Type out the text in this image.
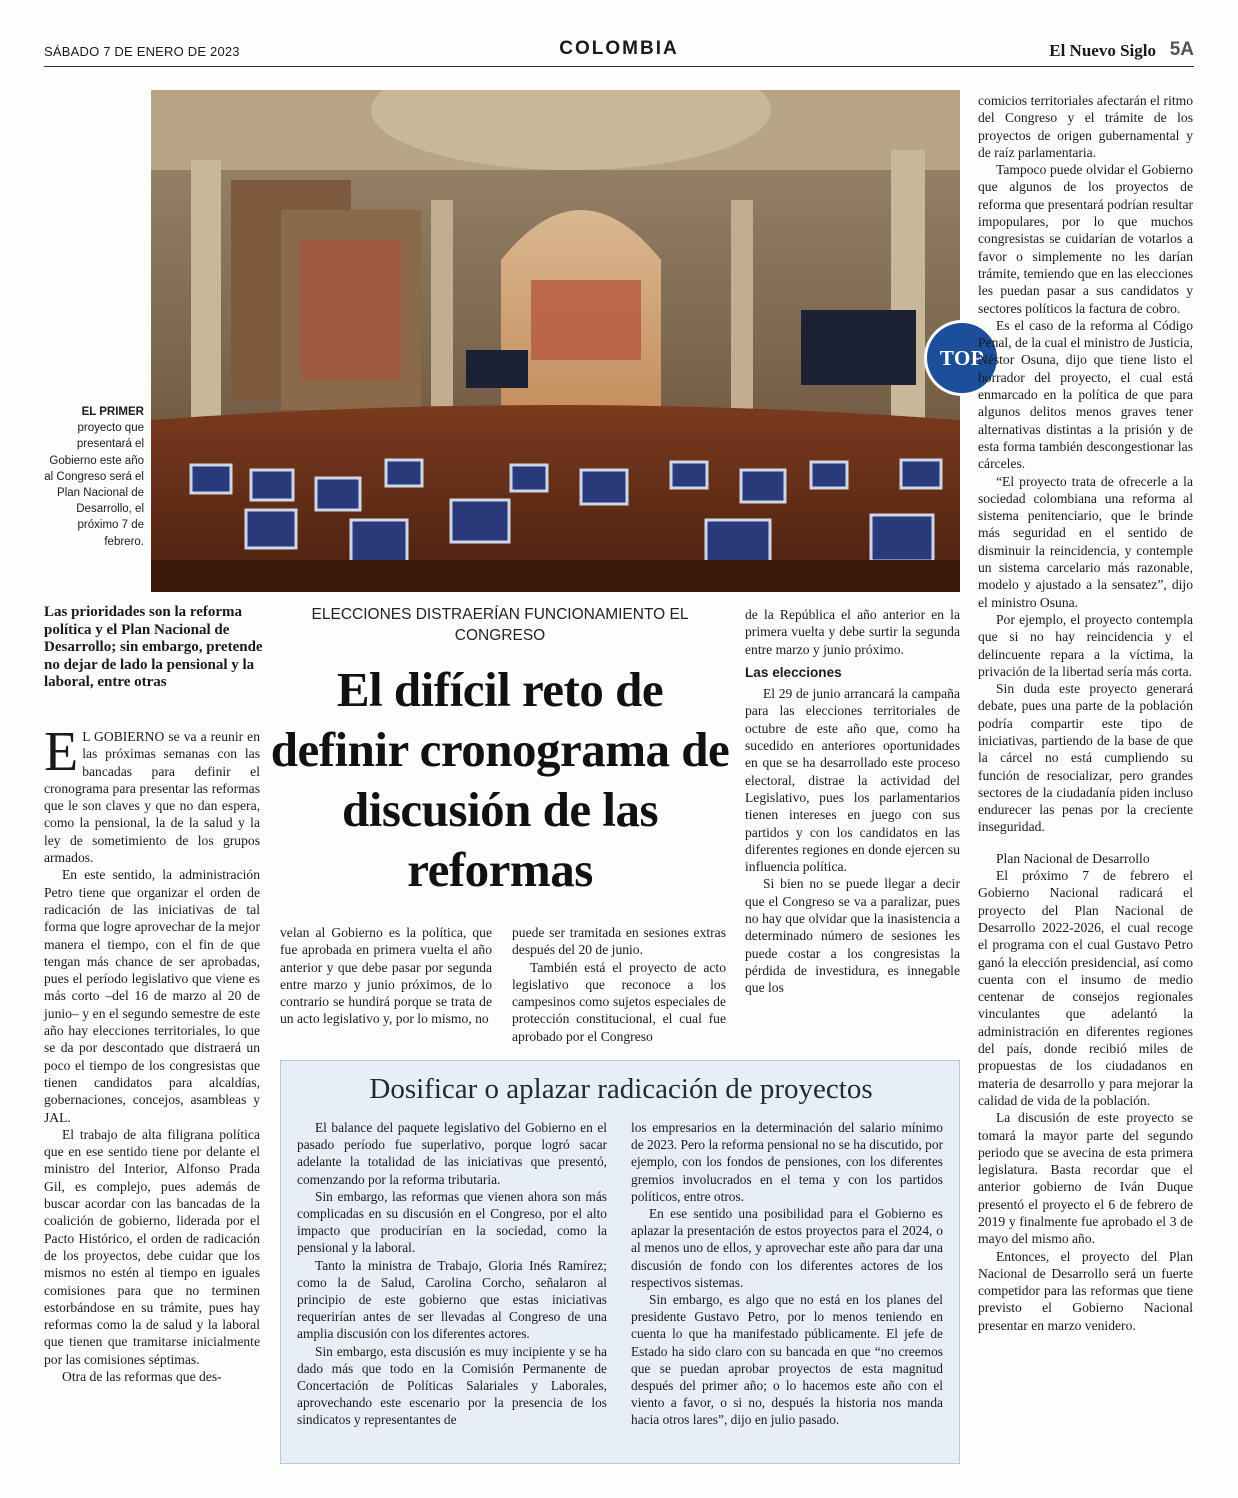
SÁBADO 7 DE ENERO DE 2023	COLOMBIA	El Nuevo Siglo 5A
EL PRIMER
proyecto que presentará el Gobierno este año al Congreso será el Plan Nacional de Desarrollo, el próximo 7 de febrero.
TOP
Las prioridades son la reforma política y el Plan Nacional de Desarrollo; sin embargo, pretende no dejar de lado la pensional y la laboral, entre otras
ELECCIONES DISTRAERÍAN FUNCIONAMIENTO EL CONGRESO
El difícil reto de definir cronograma de discusión de las reformas

E L GOBIERNO se va a reunir en las próximas semanas con las bancadas para definir el cronograma para presentar las reformas que le son claves y que no dan espera, como la pensional, la de la salud y la ley de sometimiento de los grupos armados.

En este sentido, la administración Petro tiene que organizar el orden de radicación de las iniciativas de tal forma que logre aprovechar de la mejor manera el tiempo, con el fin de que tengan más chance de ser aprobadas, pues el período legislativo que viene es más corto –del 16 de marzo al 20 de junio– y en el segundo semestre de este año hay elecciones territoriales, lo que se da por descontado que distraerá un poco el tiempo de los congresistas que tienen candidatos para alcaldías, gobernaciones, concejos, asambleas y JAL.

El trabajo de alta filigrana política que en ese sentido tiene por delante el ministro del Interior, Alfonso Prada Gil, es complejo, pues además de buscar acordar con las bancadas de la coalición de gobierno, liderada por el Pacto Histórico, el orden de radicación de los proyectos, debe cuidar que los mismos no estén al tiempo en iguales comisiones para que no terminen estorbándose en su trámite, pues hay reformas como la de salud y la laboral que tienen que tramitarse inicialmente por las comisiones séptimas.

Otra de las reformas que des-

velan al Gobierno es la política, que fue aprobada en primera vuelta el año anterior y que debe pasar por segunda entre marzo y junio próximos, de lo contrario se hundirá porque se trata de un acto legislativo y, por lo mismo, no

puede ser tramitada en sesiones extras después del 20 de junio.

También está el proyecto de acto legislativo que reconoce a los campesinos como sujetos especiales de protección constitucional, el cual fue aprobado por el Congreso

de la República el año anterior en la primera vuelta y debe surtir la segunda entre marzo y junio próximo.

Las elecciones

El 29 de junio arrancará la campaña para las elecciones territoriales de octubre de este año que, como ha sucedido en anteriores oportunidades en que se ha desarrollado este proceso electoral, distrae la actividad del Legislativo, pues los parlamentarios tienen intereses en juego con sus partidos y con los candidatos en las diferentes regiones en donde ejercen su influencia política.

Si bien no se puede llegar a decir que el Congreso se va a paralizar, pues no hay que olvidar que la inasistencia a determinado número de sesiones les puede costar a los congresistas la pérdida de investidura, es innegable que los

comicios territoriales afectarán el ritmo del Congreso y el trámite de los proyectos de origen gubernamental y de raíz parlamentaria.

Tampoco puede olvidar el Gobierno que algunos de los proyectos de reforma que presentará podrían resultar impopulares, por lo que muchos congresistas se cuidarían de votarlos a favor o simplemente no les darían trámite, temiendo que en las elecciones les puedan pasar a sus candidatos y sectores políticos la factura de cobro.

Es el caso de la reforma al Código Penal, de la cual el ministro de Justicia, Néstor Osuna, dijo que tiene listo el borrador del proyecto, el cual está enmarcado en la política de que para algunos delitos menos graves tener alternativas distintas a la prisión y de esta forma también descongestionar las cárceles.

“El proyecto trata de ofrecerle a la sociedad colombiana una reforma al sistema penitenciario, que le brinde más seguridad en el sentido de disminuir la reincidencia, y contemple un sistema carcelario más razonable, modelo y ajustado a la sensatez”, dijo el ministro Osuna.

Por ejemplo, el proyecto contempla que si no hay reincidencia y el delincuente repara a la víctima, la privación de la libertad sería más corta.

Sin duda este proyecto generará debate, pues una parte de la población podría compartir este tipo de iniciativas, partiendo de la base de que la cárcel no está cumpliendo su función de resocializar, pero grandes sectores de la ciudadanía piden incluso endurecer las penas por la creciente inseguridad.

Plan Nacional de Desarrollo

El próximo 7 de febrero el Gobierno Nacional radicará el proyecto del Plan Nacional de Desarrollo 2022-2026, el cual recoge el programa con el cual Gustavo Petro ganó la elección presidencial, así como cuenta con el insumo de medio centenar de consejos regionales vinculantes que adelantó la administración en diferentes regiones del país, donde recibió miles de propuestas de los ciudadanos en materia de desarrollo y para mejorar la calidad de vida de la población.

La discusión de este proyecto se tomará la mayor parte del segundo periodo que se avecina de esta primera legislatura. Basta recordar que el anterior gobierno de Iván Duque presentó el proyecto el 6 de febrero de 2019 y finalmente fue aprobado el 3 de mayo del mismo año.

Entonces, el proyecto del Plan Nacional de Desarrollo será un fuerte competidor para las reformas que tiene previsto el Gobierno Nacional presentar en marzo venidero.

Dosificar o aplazar radicación de proyectos

El balance del paquete legislativo del Gobierno en el pasado período fue superlativo, porque logró sacar adelante la totalidad de las iniciativas que presentó, comenzando por la reforma tributaria.

Sin embargo, las reformas que vienen ahora son más complicadas en su discusión en el Congreso, por el alto impacto que producirían en la sociedad, como la pensional y la laboral.

Tanto la ministra de Trabajo, Gloria Inés Ramírez; como la de Salud, Carolina Corcho, señalaron al principio de este gobierno que estas iniciativas requerirían antes de ser llevadas al Congreso de una amplia discusión con los diferentes actores.

Sin embargo, esta discusión es muy incipiente y se ha dado más que todo en la Comisión Permanente de Concertación de Políticas Salariales y Laborales, aprovechando este escenario por la presencia de los sindicatos y representantes de

los empresarios en la determinación del salario mínimo de 2023. Pero la reforma pensional no se ha discutido, por ejemplo, con los fondos de pensiones, con los diferentes gremios involucrados en el tema y con los partidos políticos, entre otros.

En ese sentido una posibilidad para el Gobierno es aplazar la presentación de estos proyectos para el 2024, o al menos uno de ellos, y aprovechar este año para dar una discusión de fondo con los diferentes actores de los respectivos sistemas.

Sin embargo, es algo que no está en los planes del presidente Gustavo Petro, por lo menos teniendo en cuenta lo que ha manifestado públicamente. El jefe de Estado ha sido claro con su bancada en que “no creemos que se puedan aprobar proyectos de esta magnitud después del primer año; o lo hacemos este año con el viento a favor, o si no, después la historia nos manda hacia otros lares”, dijo en julio pasado.
